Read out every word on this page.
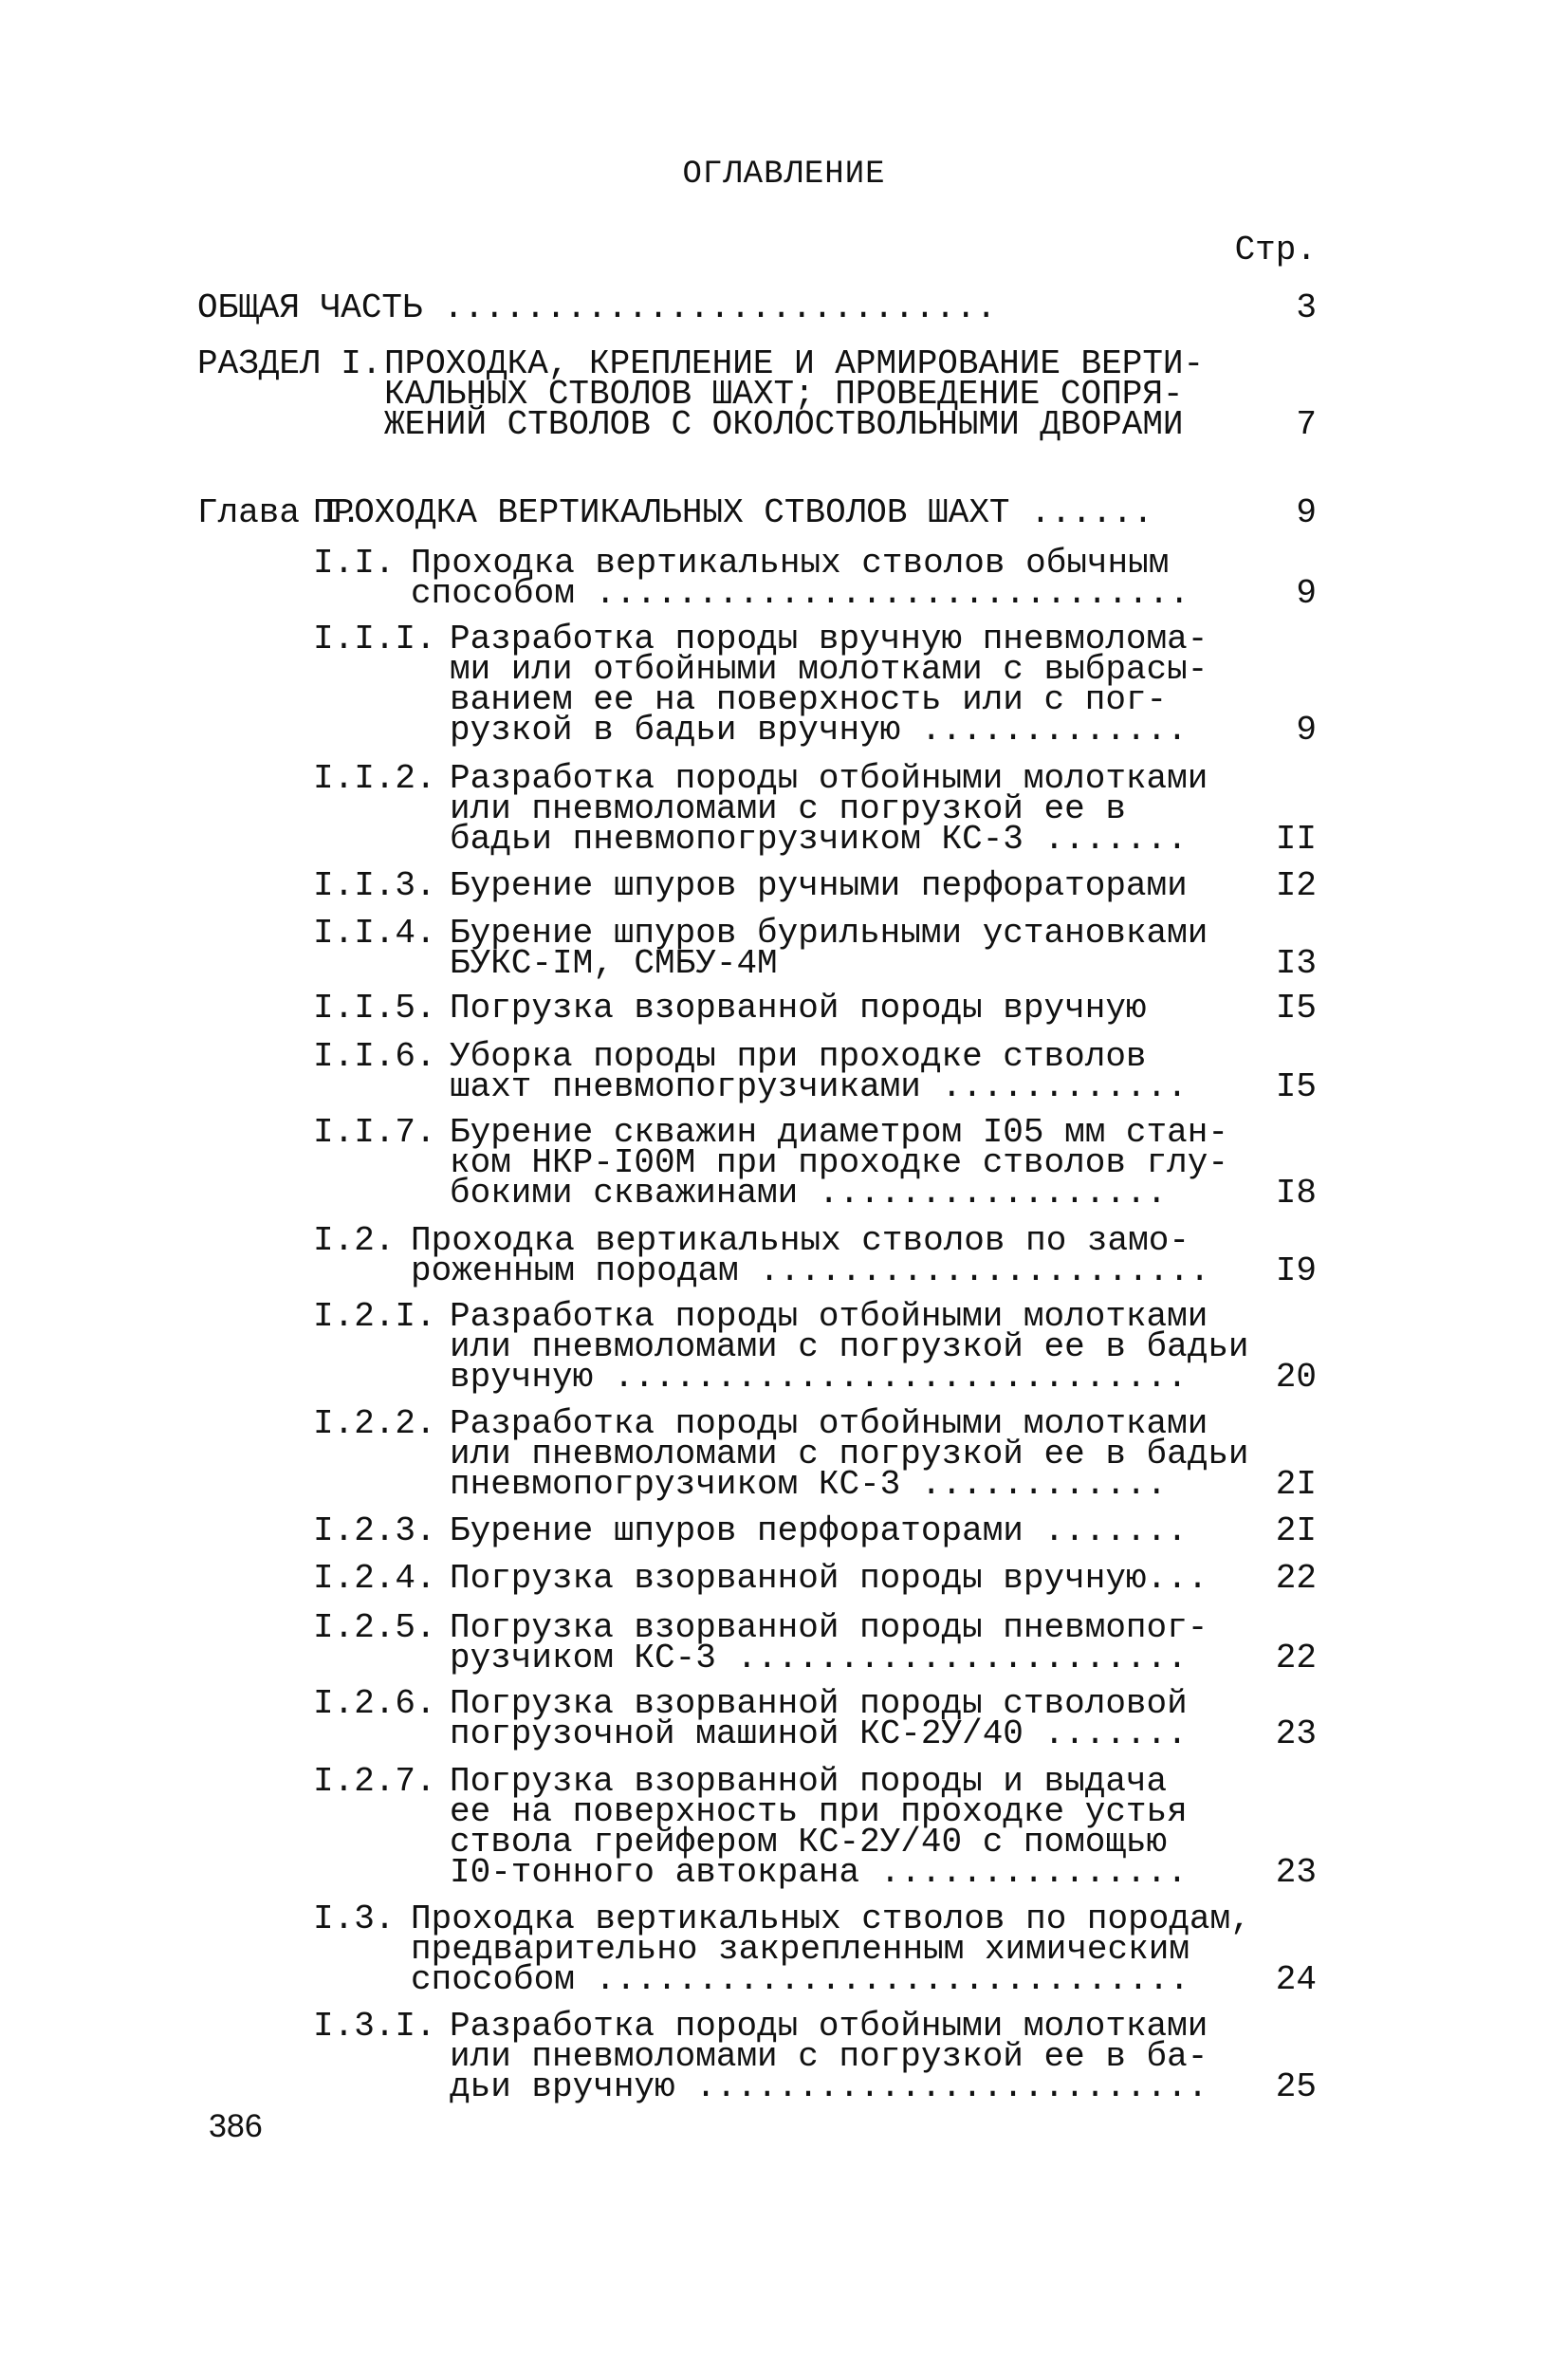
ОГЛАВЛЕНИЕ
Стр.
ОБЩАЯ ЧАСТЬ ...........................	3
РАЗДЕЛ I. ПРОХОДКА, КРЕПЛЕНИЕ И АРМИРОВАНИЕ ВЕРТИ-
КАЛЬНЫХ СТВОЛОВ ШАХТ; ПРОВЕДЕНИЕ СОПРЯ-
ЖЕНИЙ СТВОЛОВ С ОКОЛОСТВОЛЬНЫМИ ДВОРАМИ	7
Глава I.
ПРОХОДКА ВЕРТИКАЛЬНЫХ СТВОЛОВ ШАХТ ......	9
I.I. Проходка вертикальных стволов обычным
способом .............................	9
I.I.I. Разработка породы вручную пневмолома-
ми или отбойными молотками с выбрасы-
ванием ее на поверхность или с пог-
рузкой в бадьи вручную .............	9
I.I.2. Разработка породы отбойными молотками
или пневмоломами с погрузкой ее в
бадьи пневмопогрузчиком КС-3 .......	II
I.I.3. Бурение шпуров ручными перфораторами	I2
I.I.4. Бурение шпуров бурильными установками
БУКС-IМ, СМБУ-4М	I3
I.I.5. Погрузка взорванной породы вручную	I5
I.I.6. Уборка породы при проходке стволов
шахт пневмопогрузчиками ............	I5
I.I.7. Бурение скважин диаметром I05 мм стан-
ком НКР-I00М при проходке стволов глу-
бокими скважинами .................	I8
I.2. Проходка вертикальных стволов по замо-
роженным породам ...................... I9
I.2.I. Разработка породы отбойными молотками
или пневмоломами с погрузкой ее в бадьи
вручную ............................	20
I.2.2. Разработка породы отбойными молотками
или пневмоломами с погрузкой ее в бадьи
пневмопогрузчиком КС-3 ............	2I
I.2.3. Бурение шпуров перфораторами .......	2I
I.2.4. Погрузка взорванной породы вручную... 22
I.2.5. Погрузка взорванной породы пневмопог-
рузчиком КС-3 ......................	22
I.2.6. Погрузка взорванной породы стволовой
погрузочной машиной КС-2У/40 .......	23
I.2.7. Погрузка взорванной породы и выдача
ее на поверхность при проходке устья
ствола грейфером КС-2У/40 с помощью
I0-тонного автокрана ...............	23
I.3. Проходка вертикальных стволов по породам,
предварительно закрепленным химическим
способом .............................	24
I.3.I. Разработка породы отбойными молотками
или пневмоломами с погрузкой ее в ба-
дьи вручную ......................... 25
386
